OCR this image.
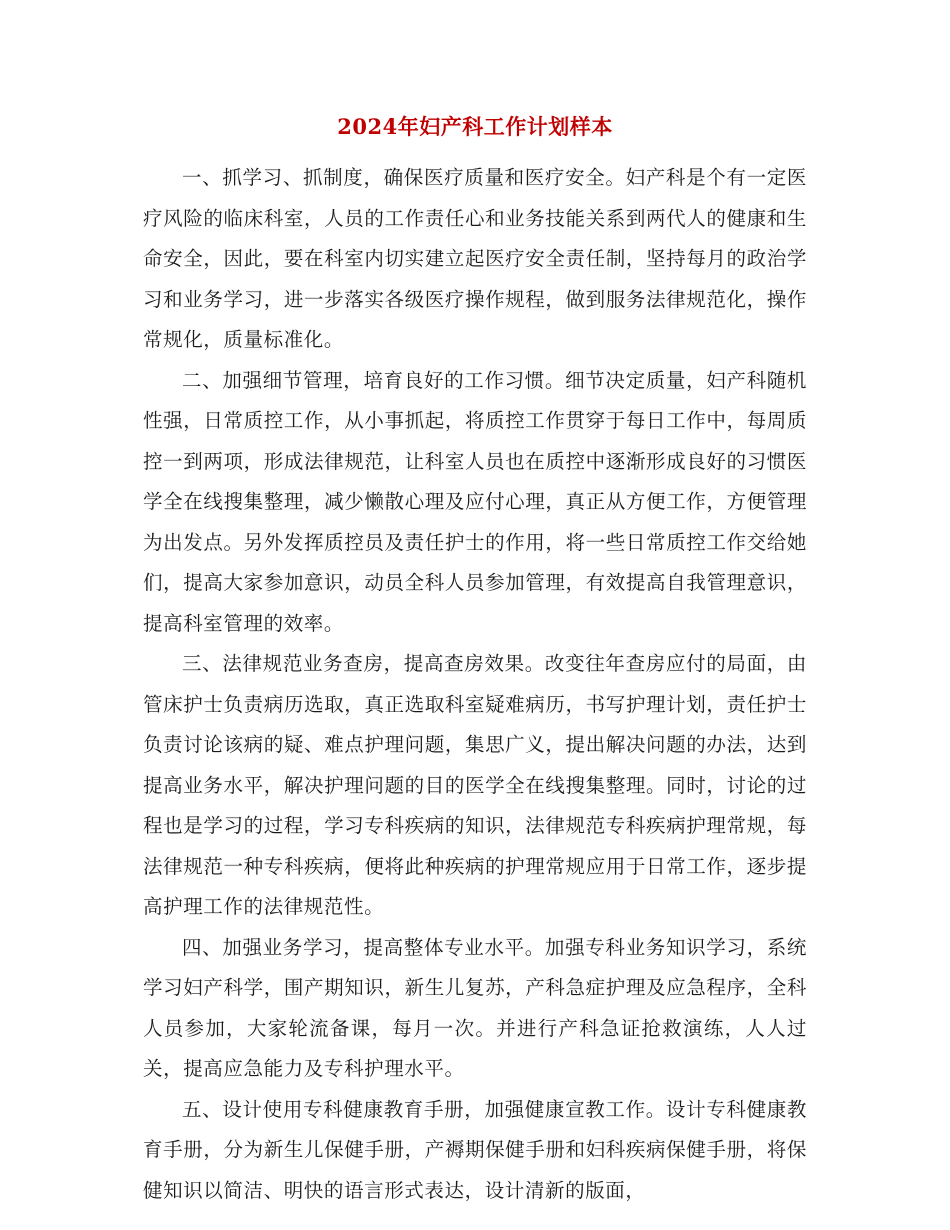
2024年妇产科工作计划样本

一、抓学习、抓制度，确保医疗质量和医疗安全。妇产科是个有一定医疗风险的临床科室，人员的工作责任心和业务技能关系到两代人的健康和生命安全，因此，要在科室内切实建立起医疗安全责任制，坚持每月的政治学习和业务学习，进一步落实各级医疗操作规程，做到服务法律规范化，操作常规化，质量标准化。

二、加强细节管理，培育良好的工作习惯。细节决定质量，妇产科随机性强，日常质控工作，从小事抓起，将质控工作贯穿于每日工作中，每周质控一到两项，形成法律规范，让科室人员也在质控中逐渐形成良好的习惯医学全在线搜集整理，减少懒散心理及应付心理，真正从方便工作，方便管理为出发点。另外发挥质控员及责任护士的作用，将一些日常质控工作交给她们，提高大家参加意识，动员全科人员参加管理，有效提高自我管理意识，提高科室管理的效率。

三、法律规范业务查房，提高查房效果。改变往年查房应付的局面，由管床护士负责病历选取，真正选取科室疑难病历，书写护理计划，责任护士负责讨论该病的疑、难点护理问题，集思广义，提出解决问题的办法，达到提高业务水平，解决护理问题的目的医学全在线搜集整理。同时，讨论的过程也是学习的过程，学习专科疾病的知识，法律规范专科疾病护理常规，每法律规范一种专科疾病，便将此种疾病的护理常规应用于日常工作，逐步提高护理工作的法律规范性。

四、加强业务学习，提高整体专业水平。加强专科业务知识学习，系统学习妇产科学，围产期知识，新生儿复苏，产科急症护理及应急程序，全科人员参加，大家轮流备课，每月一次。并进行产科急证抢救演练，人人过关，提高应急能力及专科护理水平。

五、设计使用专科健康教育手册，加强健康宣教工作。设计专科健康教育手册，分为新生儿保健手册，产褥期保健手册和妇科疾病保健手册，将保健知识以简洁、明快的语言形式表达，设计清新的版面，
